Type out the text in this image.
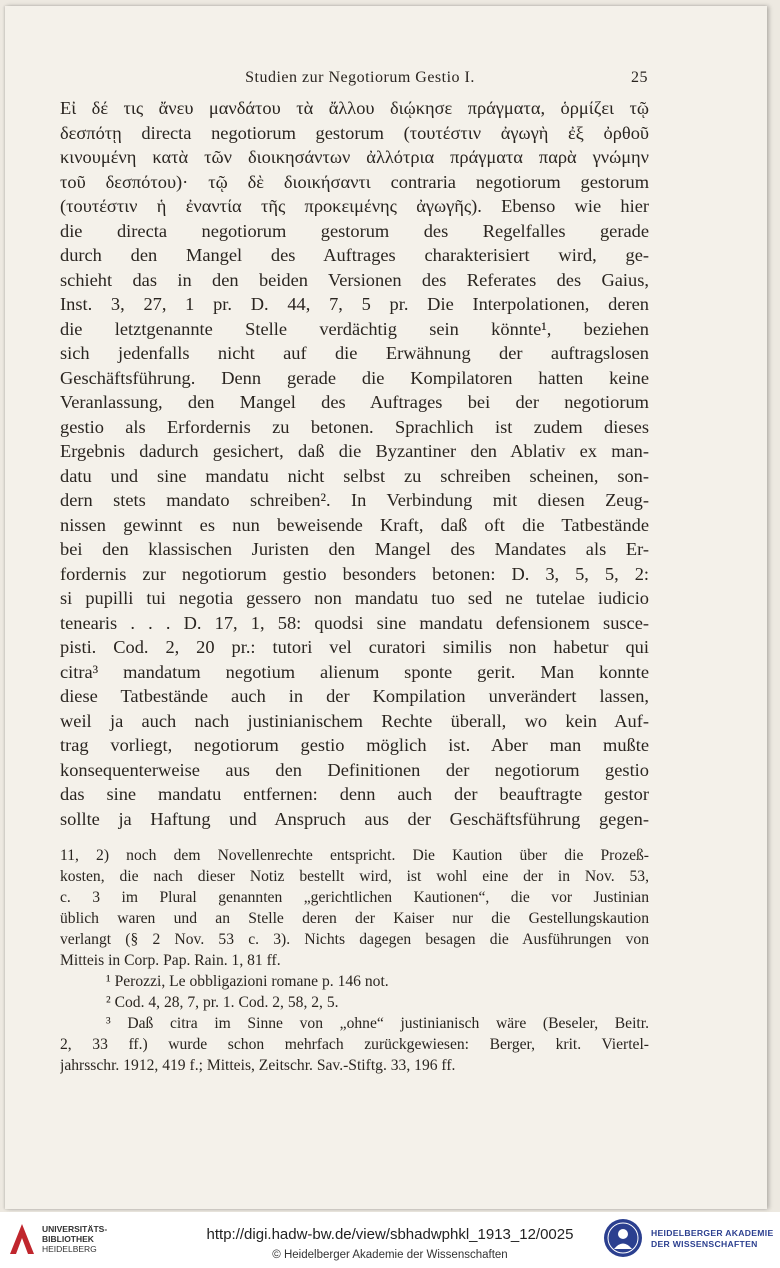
Studien zur Negotiorum Gestio I.	25
Εἰ δέ τις ἄνευ μανδάτου τὰ ἄλλου διῴκησε πράγματα, ὁρμίζει τῷ
δεσπότῃ directa negotiorum gestorum (τουτέστιν ἀγωγὴ ἐξ ὀρθοῦ
κινουμένη κατὰ τῶν διοικησάντων ἀλλότρια πράγματα παρὰ γνώμην
τοῦ δεσπότου)· τῷ δὲ διοικήσαντι contraria negotiorum gestorum
(τουτέστιν ἡ ἐναντία τῆς προκειμένης ἀγωγῆς). Ebenso wie hier
die directa negotiorum gestorum des Regelfalles gerade
durch den Mangel des Auftrages charakterisiert wird, ge-
schieht das in den beiden Versionen des Referates des Gaius,
Inst. 3, 27, 1 pr. D. 44, 7, 5 pr. Die Interpolationen, deren
die letztgenannte Stelle verdächtig sein könnte¹, beziehen
sich jedenfalls nicht auf die Erwähnung der auftragslosen
Geschäftsführung. Denn gerade die Kompilatoren hatten keine
Veranlassung, den Mangel des Auftrages bei der negotiorum
gestio als Erfordernis zu betonen. Sprachlich ist zudem dieses
Ergebnis dadurch gesichert, daß die Byzantiner den Ablativ ex man-
datu und sine mandatu nicht selbst zu schreiben scheinen, son-
dern stets mandato schreiben². In Verbindung mit diesen Zeug-
nissen gewinnt es nun beweisende Kraft, daß oft die Tatbestände
bei den klassischen Juristen den Mangel des Mandates als Er-
fordernis zur negotiorum gestio besonders betonen: D. 3, 5, 5, 2:
si pupilli tui negotia gessero non mandatu tuo sed ne tutelae iudicio
tenearis . . . D. 17, 1, 58: quodsi sine mandatu defensionem susce-
pisti. Cod. 2, 20 pr.: tutori vel curatori similis non habetur qui
citra³ mandatum negotium alienum sponte gerit. Man konnte
diese Tatbestände auch in der Kompilation unverändert lassen,
weil ja auch nach justinianischem Rechte überall, wo kein Auf-
trag vorliegt, negotiorum gestio möglich ist. Aber man mußte
konsequenterweise aus den Definitionen der negotiorum gestio
das sine mandatu entfernen: denn auch der beauftragte gestor
sollte ja Haftung und Anspruch aus der Geschäftsführung gegen-
11, 2) noch dem Novellenrechte entspricht. Die Kaution über die Prozeß-
kosten, die nach dieser Notiz bestellt wird, ist wohl eine der in Nov. 53,
c. 3 im Plural genannten „gerichtlichen Kautionen“, die vor Justinian
üblich waren und an Stelle deren der Kaiser nur die Gestellungskaution
verlangt (§ 2 Nov. 53 c. 3). Nichts dagegen besagen die Ausführungen von
Mitteis in Corp. Pap. Rain. 1, 81 ff.
¹ Perozzi, Le obbligazioni romane p. 146 not.
² Cod. 4, 28, 7, pr. 1. Cod. 2, 58, 2, 5.
³ Daß citra im Sinne von „ohne“ justinianisch wäre (Beseler, Beitr.
2, 33 ff.) wurde schon mehrfach zurückgewiesen: Berger, krit. Viertel-
jahrsschr. 1912, 419 f.; Mitteis, Zeitschr. Sav.-Stiftg. 33, 196 ff.
UNIVERSITÄTS-
BIBLIOTHEK
HEIDELBERG
http://digi.hadw-bw.de/view/sbhadwphkl_1913_12/0025
© Heidelberger Akademie der Wissenschaften
HEIDELBERGER AKADEMIE
DER WISSENSCHAFTEN
